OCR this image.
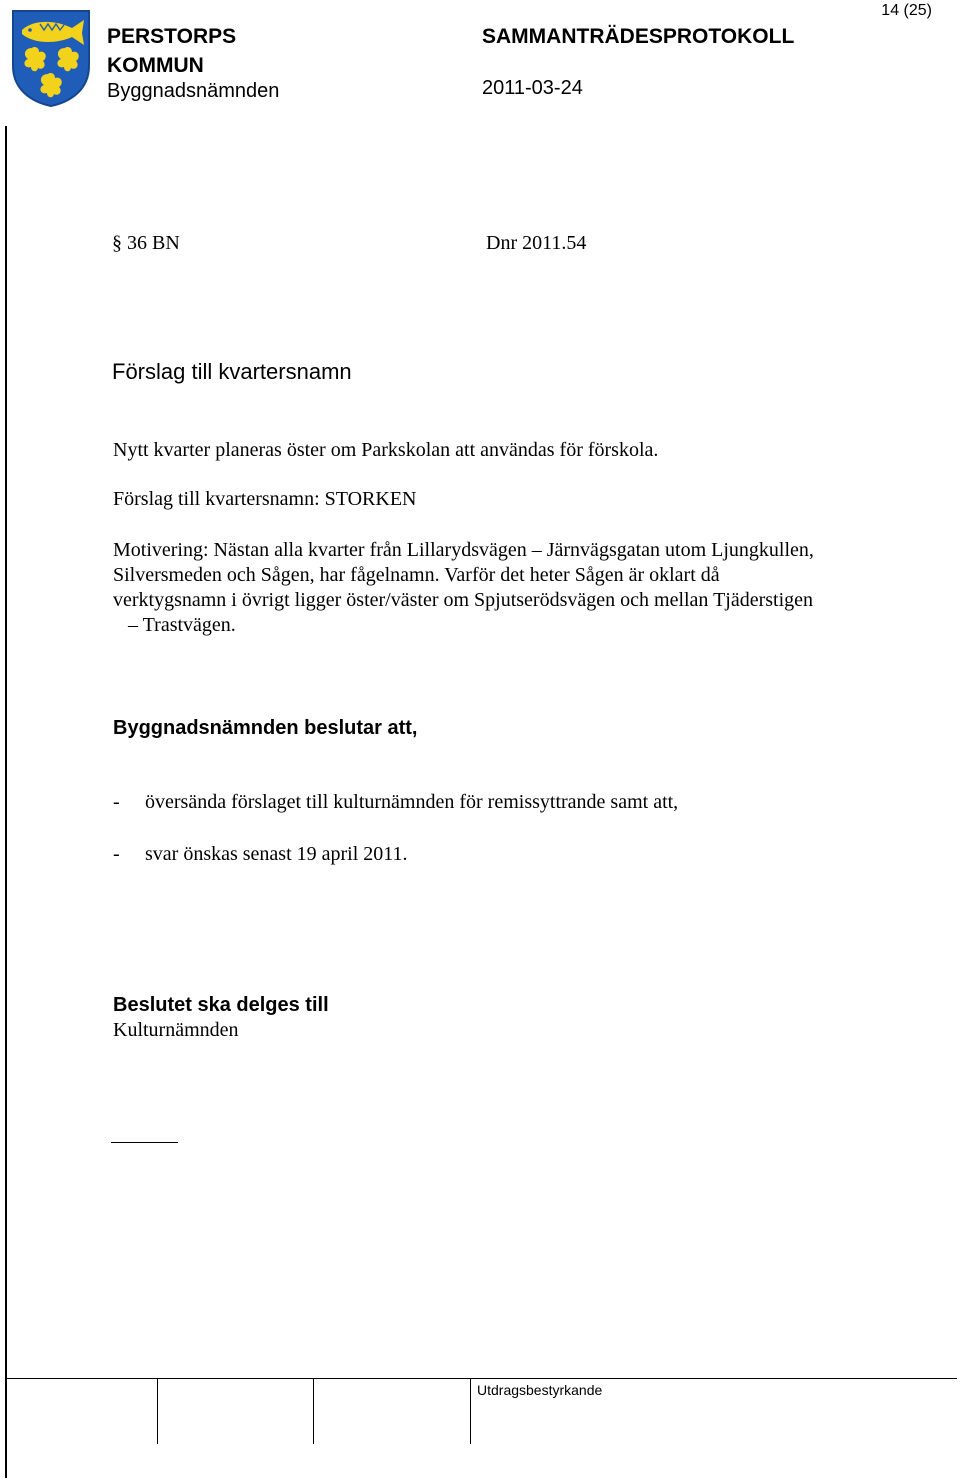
14 (25)
PERSTORPS
KOMMUN
Byggnadsnämnden
SAMMANTRÄDESPROTOKOLL
2011-03-24
§ 36 BN	Dnr 2011.54
Förslag till kvartersnamn
Nytt kvarter planeras öster om Parkskolan att användas för förskola.
Förslag till kvartersnamn: STORKEN

Motivering: Nästan alla kvarter från Lillarydsvägen – Järnvägsgatan utom Ljungkullen,

Silversmeden och Sågen, har fågelnamn. Varför det heter Sågen är oklart då

verktygsnamn i övrigt ligger öster/väster om Spjutserödsvägen och mellan Tjäderstigen

– Trastvägen.

Byggnadsnämnden beslutar att,
-	översända förslaget till kulturnämnden för remissyttrande samt att,
-	svar önskas senast 19 april 2011.
Beslutet ska delges till
Kulturnämnden
Utdragsbestyrkande
